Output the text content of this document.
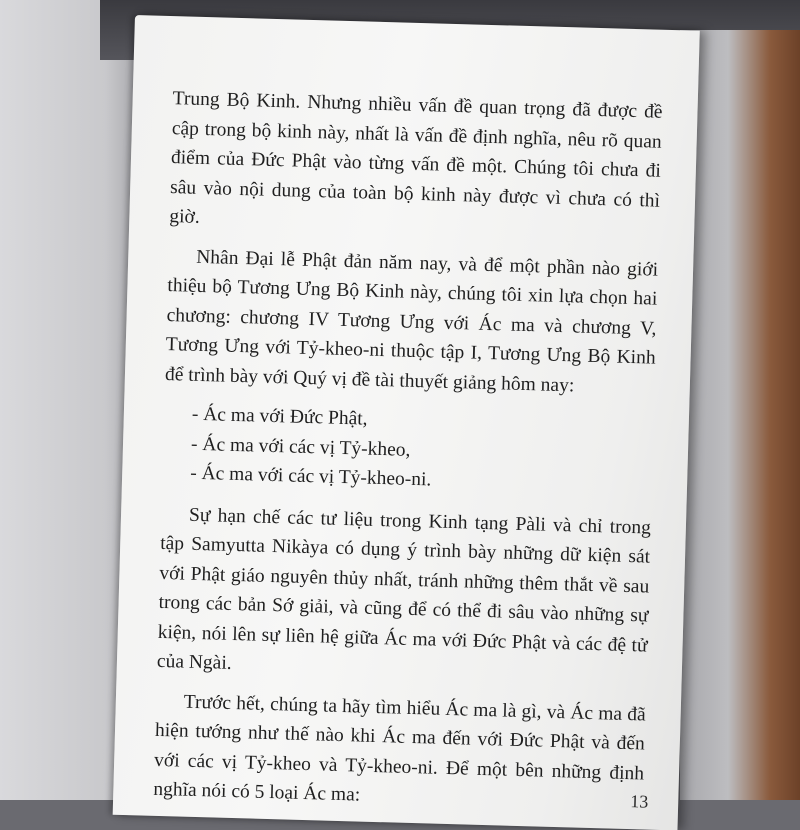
Trung Bộ Kinh. Nhưng nhiều vấn đề quan trọng đã được đề cập trong bộ kinh này, nhất là vấn đề định nghĩa, nêu rõ quan điểm của Đức Phật vào từng vấn đề một. Chúng tôi chưa đi sâu vào nội dung của toàn bộ kinh này được vì chưa có thì giờ.

Nhân Đại lễ Phật đản năm nay, và để một phần nào giới thiệu bộ Tương Ưng Bộ Kinh này, chúng tôi xin lựa chọn hai chương: chương IV Tương Ưng với Ác ma và chương V, Tương Ưng với Tỷ-kheo-ni thuộc tập I, Tương Ưng Bộ Kinh để trình bày với Quý vị đề tài thuyết giảng hôm nay:

- Ác ma với Đức Phật,

- Ác ma với các vị Tỷ-kheo,

- Ác ma với các vị Tỷ-kheo-ni.

Sự hạn chế các tư liệu trong Kinh tạng Pàli và chỉ trong tập Samyutta Nikàya có dụng ý trình bày những dữ kiện sát với Phật giáo nguyên thủy nhất, tránh những thêm thắt về sau trong các bản Sớ giải, và cũng để có thể đi sâu vào những sự kiện, nói lên sự liên hệ giữa Ác ma với Đức Phật và các đệ tử của Ngài.

Trước hết, chúng ta hãy tìm hiểu Ác ma là gì, và Ác ma đã hiện tướng như thế nào khi Ác ma đến với Đức Phật và đến với các vị Tỷ-kheo và Tỷ-kheo-ni. Để một bên những định nghĩa nói có 5 loại Ác ma:	13
